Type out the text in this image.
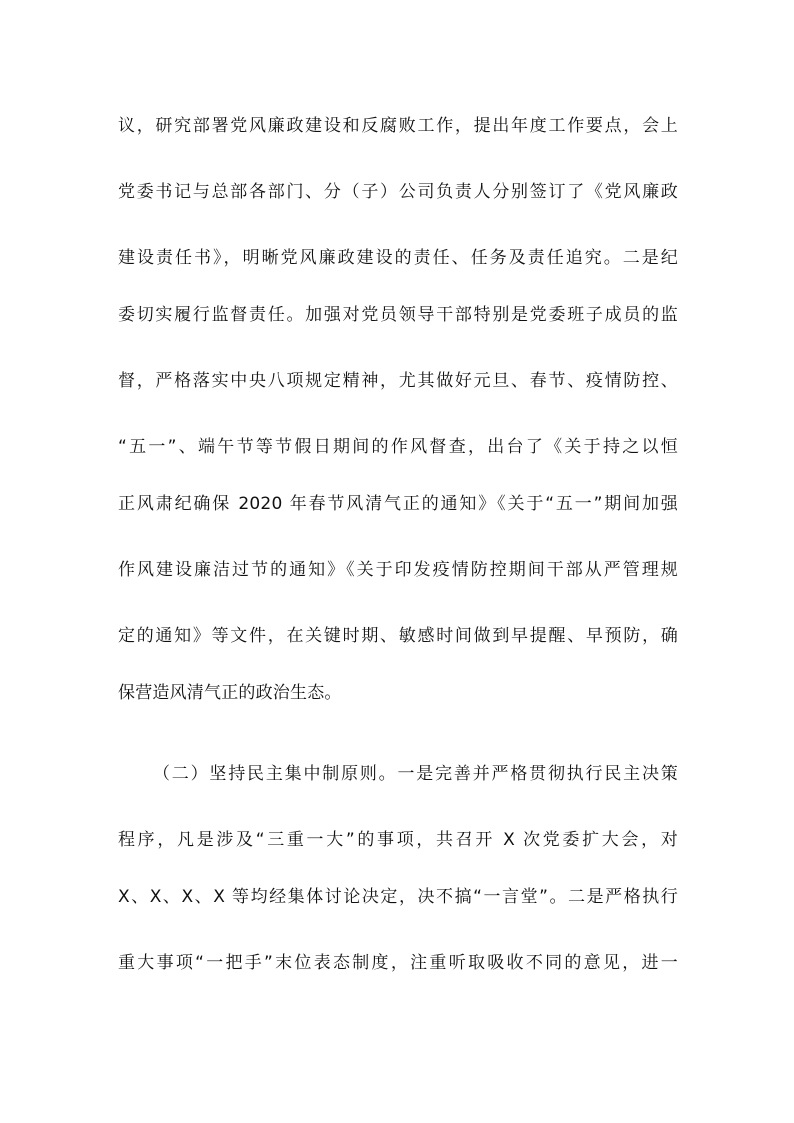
议，研究部署党风廉政建设和反腐败工作，提出年度工作要点，会上
党委书记与总部各部门、分（子）公司负责人分别签订了《党风廉政
建设责任书》，明晰党风廉政建设的责任、任务及责任追究。二是纪
委切实履行监督责任。加强对党员领导干部特别是党委班子成员的监
督，严格落实中央八项规定精神，尤其做好元旦、春节、疫情防控、
“五一”、端午节等节假日期间的作风督查，出台了《关于持之以恒
正风肃纪确保 2020 年春节风清气正的通知》《关于“五一”期间加强
作风建设廉洁过节的通知》《关于印发疫情防控期间干部从严管理规
定的通知》等文件，在关键时期、敏感时间做到早提醒、早预防，确
保营造风清气正的政治生态。
（二）坚持民主集中制原则。一是完善并严格贯彻执行民主决策
程序，凡是涉及“三重一大”的事项，共召开 X 次党委扩大会，对
X、X、X、X 等均经集体讨论决定，决不搞“一言堂”。二是严格执行
重大事项“一把手”末位表态制度，注重听取吸收不同的意见，进一
